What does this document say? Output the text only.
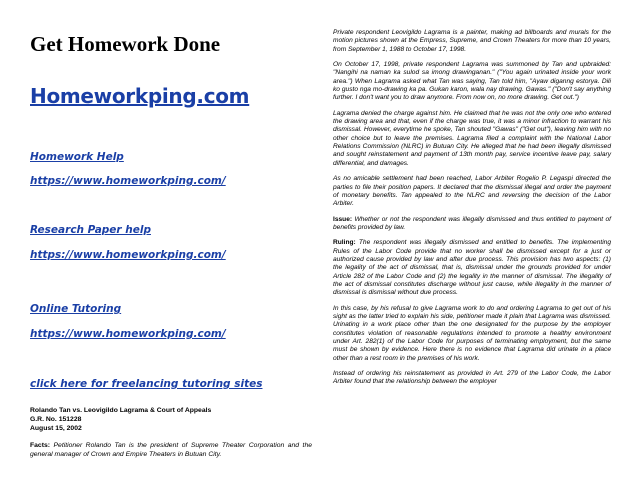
Get Homework Done
Homeworkping.com
Homework Help
https://www.homeworkping.com/
Research Paper help
https://www.homeworkping.com/
Online Tutoring
https://www.homeworkping.com/
click here for freelancing tutoring sites
Rolando Tan vs. Leovigildo Lagrama & Court of Appeals
G.R. No. 151228
August 15, 2002
Facts: Petitioner Rolando Tan is the president of Supreme Theater Corporation and the general manager of Crown and Empire Theaters in Butuan City.

Private respondent Leovigildo Lagrama is a painter, making ad billboards and murals for the motion pictures shown at the Empress, Supreme, and Crown Theaters for more than 10 years, from September 1, 1988 to October 17, 1998.

On October 17, 1998, private respondent Lagrama was summoned by Tan and upbraided: "Nangihi na naman ka sulod sa imong drawinganan." ("You again urinated inside your work area.") When Lagrama asked what Tan was saying, Tan told him, "Ayaw diganng estorya. Dili ko gusto nga mo-drawing ka pa. Gukan karon, wala nay drawing. Gawas." ("Don't say anything further. I don't want you to draw anymore. From now on, no more drawing. Get out.")

Lagrama denied the charge against him. He claimed that he was not the only one who entered the drawing area and that, even if the charge was true, it was a minor infraction to warrant his dismissal. However, everytime he spoke, Tan shouted "Gawas" ("Get out"), leaving him with no other choice but to leave the premises. Lagrama filed a complaint with the National Labor Relations Commission (NLRC) in Butuan City. He alleged that he had been illegally dismissed and sought reinstatement and payment of 13th month pay, service incentive leave pay, salary differential, and damages.

As no amicable settlement had been reached, Labor Arbiter Rogelio P. Legaspi directed the parties to file their position papers. It declared that the dismissal illegal and order the payment of monetary benefits. Tan appealed to the NLRC and reversing the decision of the Labor Arbiter.

Issue: Whether or not the respondent was illegally dismissed and thus entitled to payment of benefits provided by law.

Ruling: The respondent was illegally dismissed and entitled to benefits. The implementing Rules of the Labor Code provide that no worker shall be dismissed except for a just or authorized cause provided by law and after due process. This provision has two aspects: (1) the legality of the act of dismissal, that is, dismissal under the grounds provided for under Article 282 of the Labor Code and (2) the legality in the manner of dismissal. The illegality of the act of dismissal constitutes discharge without just cause, while illegality in the manner of dismissal is dismissal without due process.

In this case, by his refusal to give Lagrama work to do and ordering Lagrama to get out of his sight as the latter tried to explain his side, petitioner made it plain that Lagrama was dismissed. Urinating in a work place other than the one designated for the purpose by the employer constitutes violation of reasonable regulations intended to promote a healthy environment under Art. 282(1) of the Labor Code for purposes of terminating employment, but the same must be shown by evidence. Here there is no evidence that Lagrama did urinate in a place other than a rest room in the premises of his work.

Instead of ordering his reinstatement as provided in Art. 279 of the Labor Code, the Labor Arbiter found that the relationship between the employer
